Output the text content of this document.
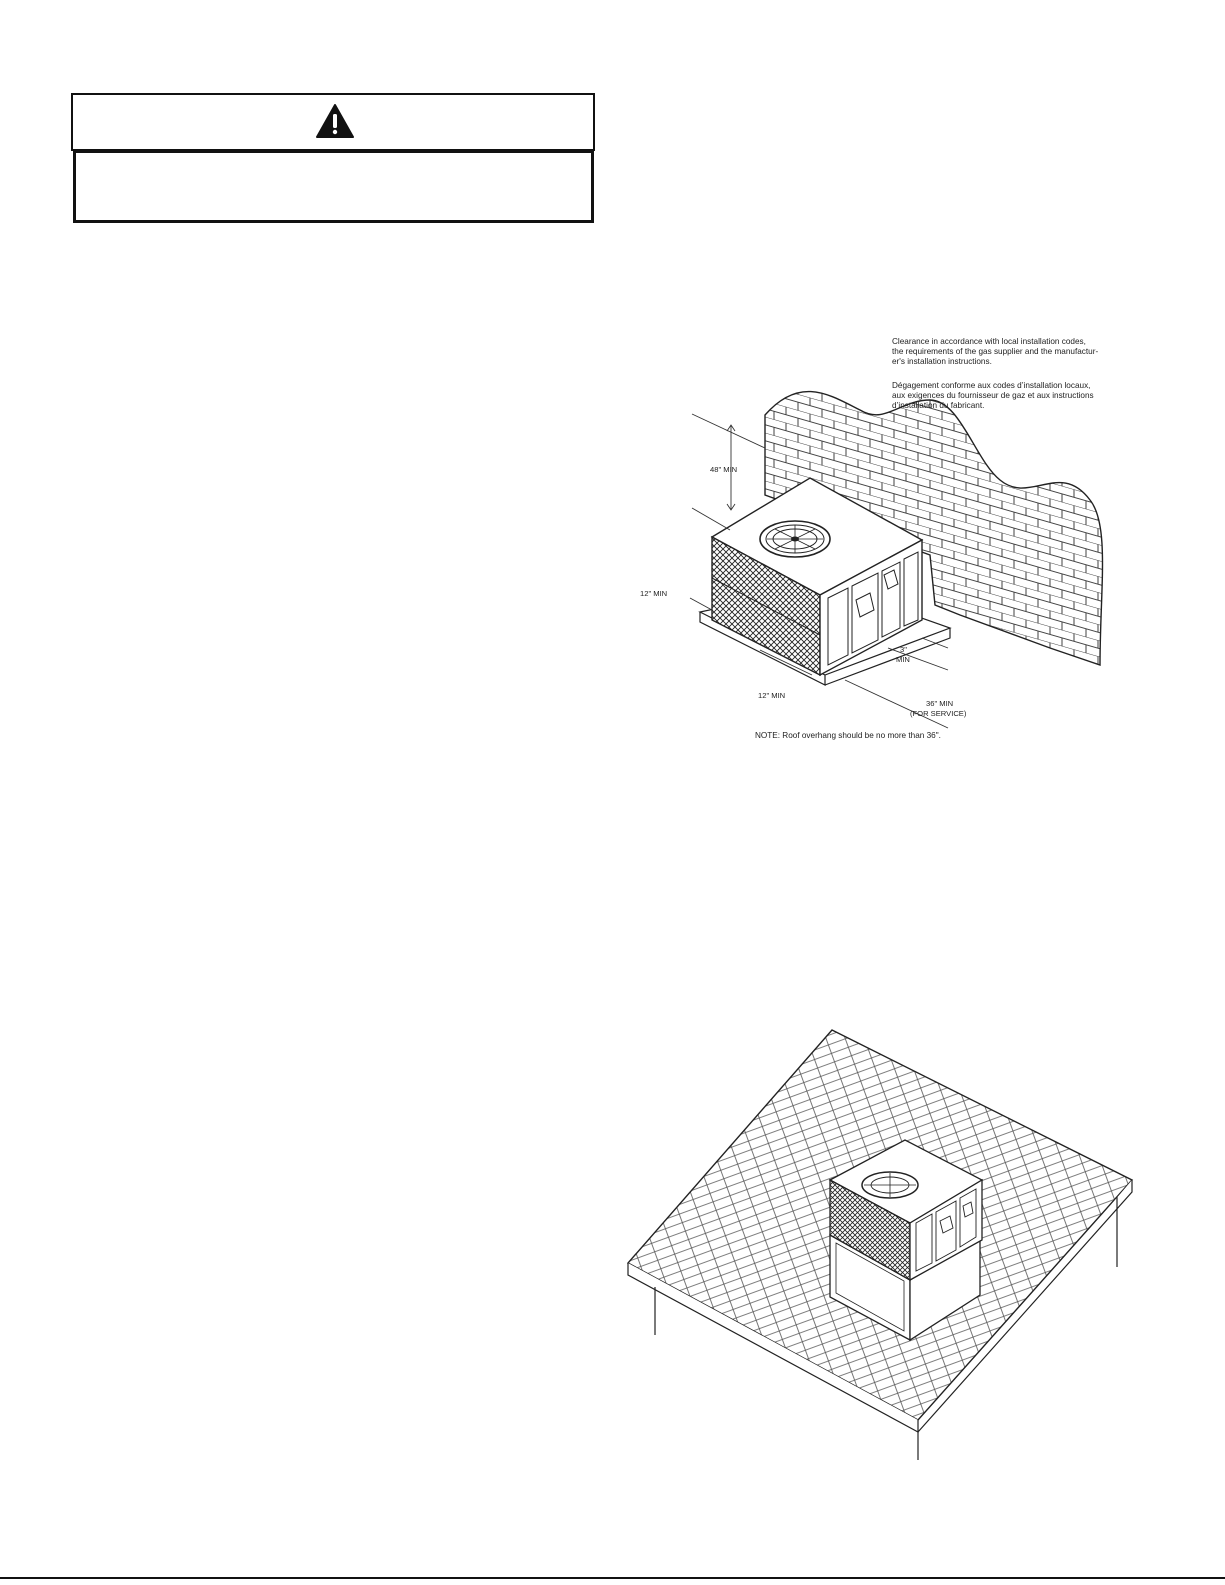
Clearance in accordance with local installation codes,
the requirements of the gas supplier and the manufactur-
er's installation instructions.
Dégagement conforme aux codes d’installation locaux,
aux exigences du fournisseur de gaz et aux instructions
d’installation du fabricant.
48" MIN
12" MIN
12" MIN
3"
MIN
36" MIN
(FOR SERVICE)
NOTE: Roof overhang should be no more than 36".
